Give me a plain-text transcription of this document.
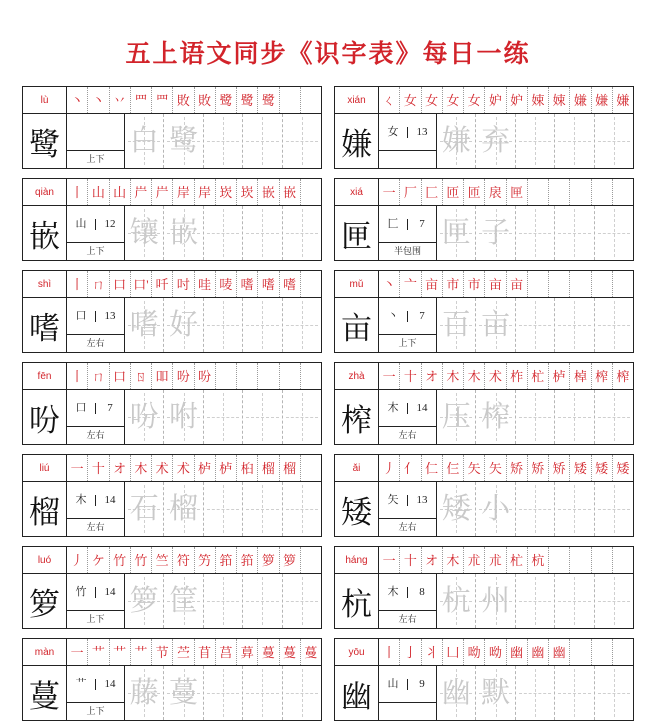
五上语文同步《识字表》每日一练
lù	丶 丶 丷 罒 罒 敗 敗 鹭 鹭 鹭
鹭	上下
白 鹭
xián	ㄑ 女 女 女 女 妒 妒 娕 娕 嫌 嫌 嫌
嫌	女	13 嫌 弃
qiàn	丨 山 山 屵 屵 岸 岸 崁 崁 嵌 嵌
嵌	山	12
上下
镶 嵌
xiá	一 厂 匚 匝 匝 扆 匣
匣	匚	7
半包围
匣 子
shì	丨 ㄇ 口 口' 吀 吋 哇 唛 嗜 嗜 嗜
嗜	口	13
左右
嗜 好
mǔ	丶 亠 亩 市 市 亩 亩
亩	丶	7
上下
百 亩
fēn	丨 ㄇ 口 ㄖ 吅 吩 吩
吩	口	7
左右
吩 咐
zhà	一 十 オ 木 木 术 柞 杧 栌 棹 榨 榨
榨	木	14
左右
压 榨
liú	一 十 オ 木 术 术 栌 栌 桕 榴 榴
榴	木	14
左右
石 榴
ǎi	丿 亻 仁 仨 矢 矢 矫 矫 矫 矮 矮 矮
矮	矢	13
左右
矮 小
luó	丿 ケ 竹 竹 竺 符 竻 筘 筘 箩 箩
箩	竹	14
上下
箩 筐
háng	一 十 オ 木 朮 朮 杧 杭
杭	木	8
左右
杭 州
màn	一 艹 艹 艹 节 苎 苜 莒 萛 蔓 蔓 蔓
蔓	艹	14
上下
藤 蔓
yōu	丨 亅 丬 凵 呦 呦 幽 幽 幽
幽	山	9 幽 默
